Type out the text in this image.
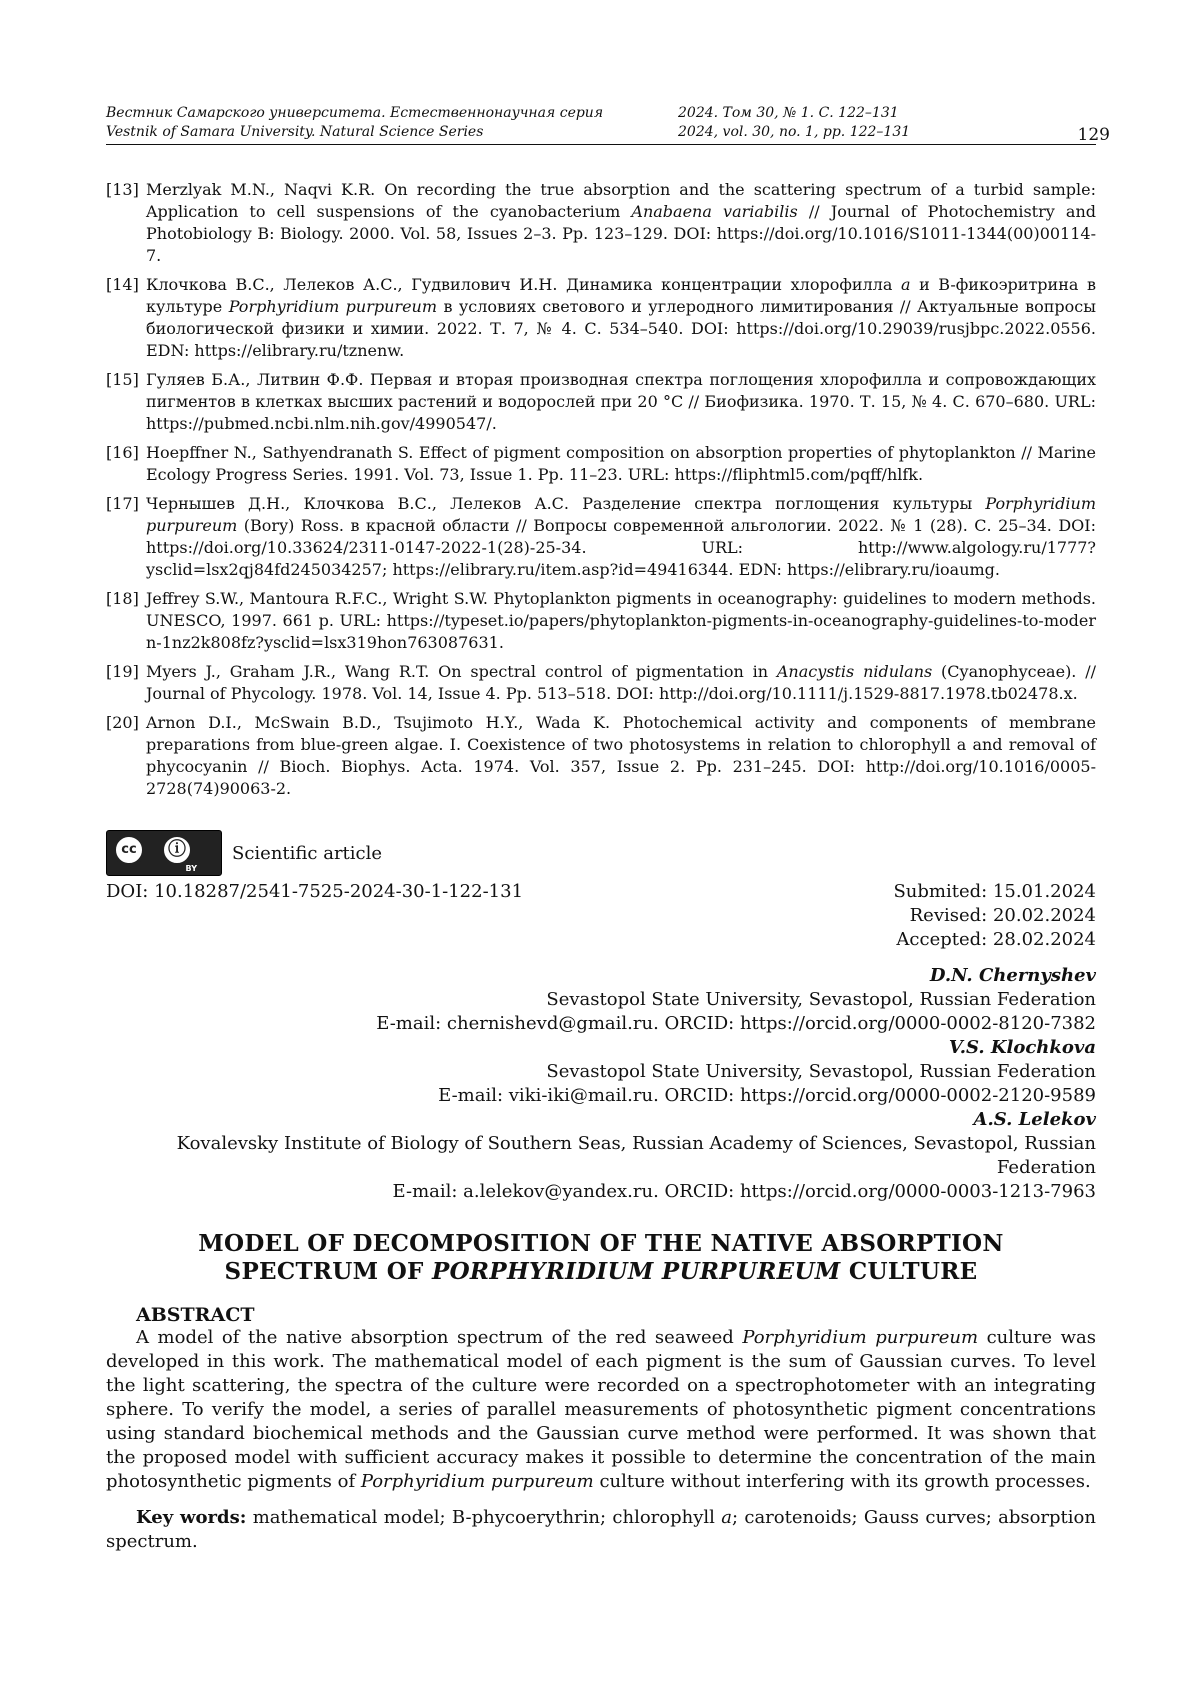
Вестник Самарского университета. Естественнонаучная серия
Vestnik of Samara University. Natural Science Series
2024. Том 30, № 1. С. 122–131
2024, vol. 30, no. 1, pp. 122–131	129
[13] Merzlyak M.N., Naqvi K.R. On recording the true absorption and the scattering spectrum of a turbid sample: Application to cell suspensions of the cyanobacterium Anabaena variabilis // Journal of Photochemistry and Photobiology B: Biology. 2000. Vol. 58, Issues 2–3. Pp. 123–129. DOI: https://doi.org/10.1016/S1011-1344(00)00114-7.
[14] Клочкова В.С., Лелеков А.С., Гудвилович И.Н. Динамика концентрации хлорофилла a и B-фикоэритрина в культуре Porphyridium purpureum в условиях светового и углеродного лимитирования // Актуальные вопросы биологической физики и химии. 2022. Т. 7, № 4. С. 534–540. DOI: https://doi.org/10.29039/rusjbpc.2022.0556. EDN: https://elibrary.ru/tznenw.
[15] Гуляев Б.А., Литвин Ф.Ф. Первая и вторая производная спектра поглощения хлорофилла и сопровождающих пигментов в клетках высших растений и водорослей при 20 °C // Биофизика. 1970. Т. 15, № 4. С. 670–680. URL: https://pubmed.ncbi.nlm.nih.gov/4990547/.
[16] Hoepffner N., Sathyendranath S. Effect of pigment composition on absorption properties of phytoplankton // Marine Ecology Progress Series. 1991. Vol. 73, Issue 1. Pp. 11–23. URL: https://fliphtml5.com/pqff/hlfk.
[17] Чернышев Д.Н., Клочкова В.С., Лелеков А.С. Разделение спектра поглощения культуры Porphyridium purpureum (Bory) Ross. в красной области // Вопросы современной альгологии. 2022. № 1 (28). С. 25–34. DOI: https://doi.org/10.33624/2311-0147-2022-1(28)-25-34. URL: http://www.algology.ru/1777?ysclid=lsx2qj84fd245034257; https://elibrary.ru/item.asp?id=49416344. EDN: https://elibrary.ru/ioaumg.
[18] Jeffrey S.W., Mantoura R.F.C., Wright S.W. Phytoplankton pigments in oceanography: guidelines to modern methods. UNESCO, 1997. 661 p. URL: https://typeset.io/papers/phytoplankton-pigments-in-oceanography-guidelines-to-modern-1nz2k808fz?ysclid=lsx319hon763087631.
[19] Myers J., Graham J.R., Wang R.T. On spectral control of pigmentation in Anacystis nidulans (Cyanophyceae). // Journal of Phycology. 1978. Vol. 14, Issue 4. Pp. 513–518. DOI: http://doi.org/10.1111/j.1529-8817.1978.tb02478.x.
[20] Arnon D.I., McSwain B.D., Tsujimoto H.Y., Wada K. Photochemical activity and components of membrane preparations from blue-green algae. I. Coexistence of two photosystems in relation to chlorophyll a and removal of phycocyanin // Bioch. Biophys. Acta. 1974. Vol. 357, Issue 2. Pp. 231–245. DOI: http://doi.org/10.1016/0005-2728(74)90063-2.
cc	ⓘ
BY
Scientific article
DOI: 10.18287/2541-7525-2024-30-1-122-131	Submited: 15.01.2024
Revised: 20.02.2024
Accepted: 28.02.2024
D.N. Chernyshev
Sevastopol State University, Sevastopol, Russian Federation
E-mail: chernishevd@gmail.ru. ORCID: https://orcid.org/0000-0002-8120-7382
V.S. Klochkova
Sevastopol State University, Sevastopol, Russian Federation
E-mail: viki-iki@mail.ru. ORCID: https://orcid.org/0000-0002-2120-9589
A.S. Lelekov
Kovalevsky Institute of Biology of Southern Seas, Russian Academy of Sciences, Sevastopol, Russian Federation
E-mail: a.lelekov@yandex.ru. ORCID: https://orcid.org/0000-0003-1213-7963
MODEL OF DECOMPOSITION OF THE NATIVE ABSORPTION
SPECTRUM OF PORPHYRIDIUM PURPUREUM CULTURE
ABSTRACT
A model of the native absorption spectrum of the red seaweed Porphyridium purpureum culture was developed in this work. The mathematical model of each pigment is the sum of Gaussian curves. To level the light scattering, the spectra of the culture were recorded on a spectrophotometer with an integrating sphere. To verify the model, a series of parallel measurements of photosynthetic pigment concentrations using standard biochemical methods and the Gaussian curve method were performed. It was shown that the proposed model with sufficient accuracy makes it possible to determine the concentration of the main photosynthetic pigments of Porphyridium purpureum culture without interfering with its growth processes.
Key words: mathematical model; B-phycoerythrin; chlorophyll a; carotenoids; Gauss curves; absorption spectrum.
